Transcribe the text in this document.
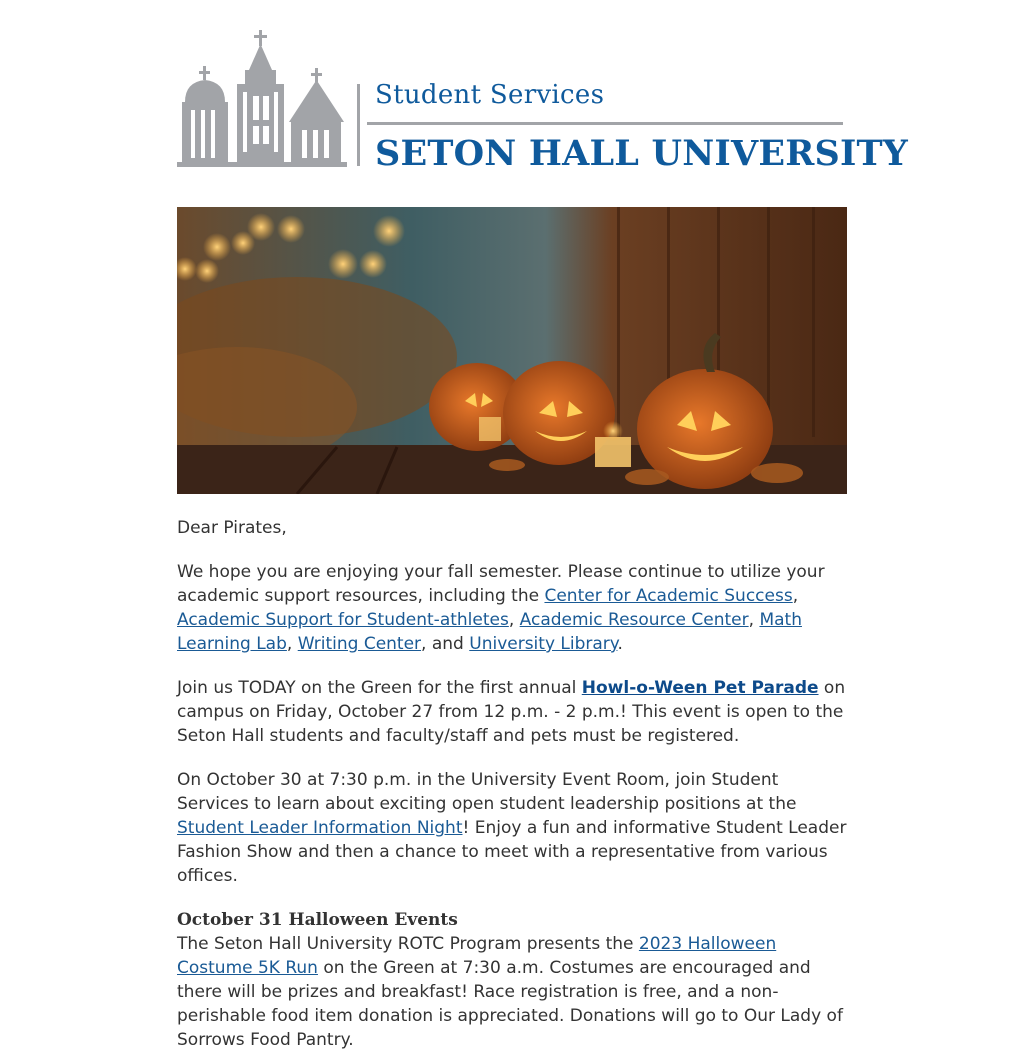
Student Services
SETON HALL UNIVERSITY

Dear Pirates,

We hope you are enjoying your fall semester. Please continue to utilize your academic support resources, including the Center for Academic Success, Academic Support for Student-athletes, Academic Resource Center, Math Learning Lab, Writing Center, and University Library.

Join us TODAY on the Green for the first annual Howl-o-Ween Pet Parade on campus on Friday, October 27 from 12 p.m. - 2 p.m.! This event is open to the Seton Hall students and faculty/staff and pets must be registered.

On October 30 at 7:30 p.m. in the University Event Room, join Student Services to learn about exciting open student leadership positions at the Student Leader Information Night! Enjoy a fun and informative Student Leader Fashion Show and then a chance to meet with a representative from various offices.

October 31 Halloween Events
The Seton Hall University ROTC Program presents the 2023 Halloween Costume 5K Run on the Green at 7:30 a.m. Costumes are encouraged and there will be prizes and breakfast! Race registration is free, and a non-perishable food item donation is appreciated. Donations will go to Our Lady of Sorrows Food Pantry.
